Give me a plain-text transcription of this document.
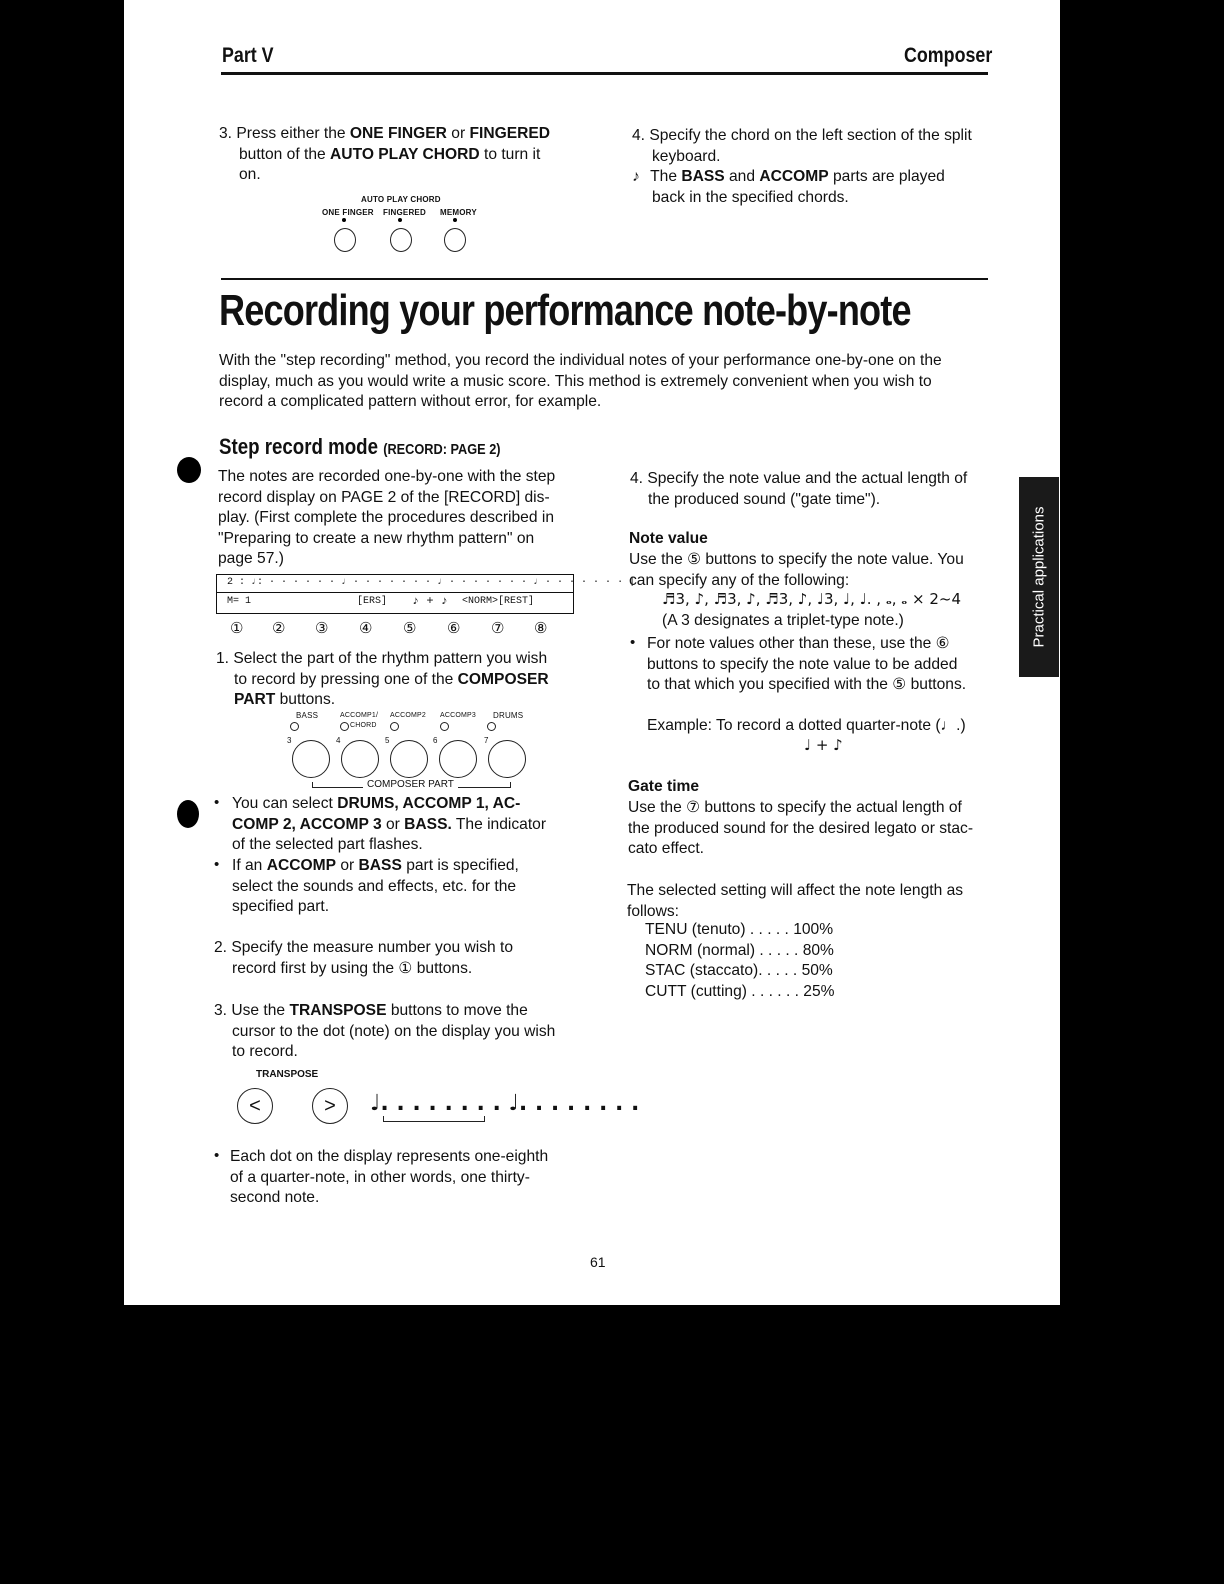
Part V	Composer
3. Press either the ONE FINGER or FINGERED
button of the AUTO PLAY CHORD to turn it
on.
AUTO PLAY CHORD
ONE FINGER FINGERED MEMORY
4. Specify the chord on the left section of the split
keyboard.
♪ The BASS and ACCOMP parts are played
back in the specified chords.
Recording your performance note-by-note
With the "step recording" method, you record the individual notes of your performance one-by-one on the
display, much as you would write a music score. This method is extremely convenient when you wish to
record a complicated pattern without error, for example.
Step record mode (RECORD: PAGE 2)
The notes are recorded one-by-one with the step
record display on PAGE 2 of the [RECORD] dis-
play. (First complete the procedures described in
"Preparing to create a new rhythm pattern" on
page 57.)
2 : ♩: · · · · · · ♩ · · · · · · · ♩ · · · · · · · ♩ · · · · · · · |
M= 1	[ERS] ♪ + ♪ <NORM>[REST]
① ② ③ ④ ⑤ ⑥ ⑦ ⑧
1. Select the part of the rhythm pattern you wish
to record by pressing one of the COMPOSER
PART buttons.
BASS	ACCOMP1/ ACCOMP2 ACCOMP3 DRUMS
CHORD
3	4	5	6	7
COMPOSER PART
• You can select DRUMS, ACCOMP 1, AC-
COMP 2, ACCOMP 3 or BASS. The indicator
of the selected part flashes.
• If an ACCOMP or BASS part is specified,
select the sounds and effects, etc. for the
specified part.
2. Specify the measure number you wish to
record first by using the ① buttons.
3. Use the TRANSPOSE buttons to move the
cursor to the dot (note) on the display you wish
to record.
TRANSPOSE
<	>	♩. . . . . . . . ♩. . . . . . . .
• Each dot on the display represents one-eighth
of a quarter-note, in other words, one thirty-
second note.
4. Specify the note value and the actual length of
the produced sound ("gate time").
Note value
Use the ⑤ buttons to specify the note value. You
can specify any of the following:
♬3, ♪, ♬3, ♪, ♬3, ♪, ♩3, ♩, ♩. , 𝅝, 𝅝 × 2~4
(A 3 designates a triplet-type note.)
• For note values other than these, use the ⑥
buttons to specify the note value to be added
to that which you specified with the ⑤ buttons.
Example: To record a dotted quarter-note (♩.)
♩ + ♪
Gate time
Use the ⑦ buttons to specify the actual length of
the produced sound for the desired legato or stac-
cato effect.
The selected setting will affect the note length as
follows:
TENU (tenuto) . . . . . 100%
NORM (normal) . . . . . 80%
STAC (staccato). . . . . 50%
CUTT (cutting) . . . . . . 25%
Practical applications
61
